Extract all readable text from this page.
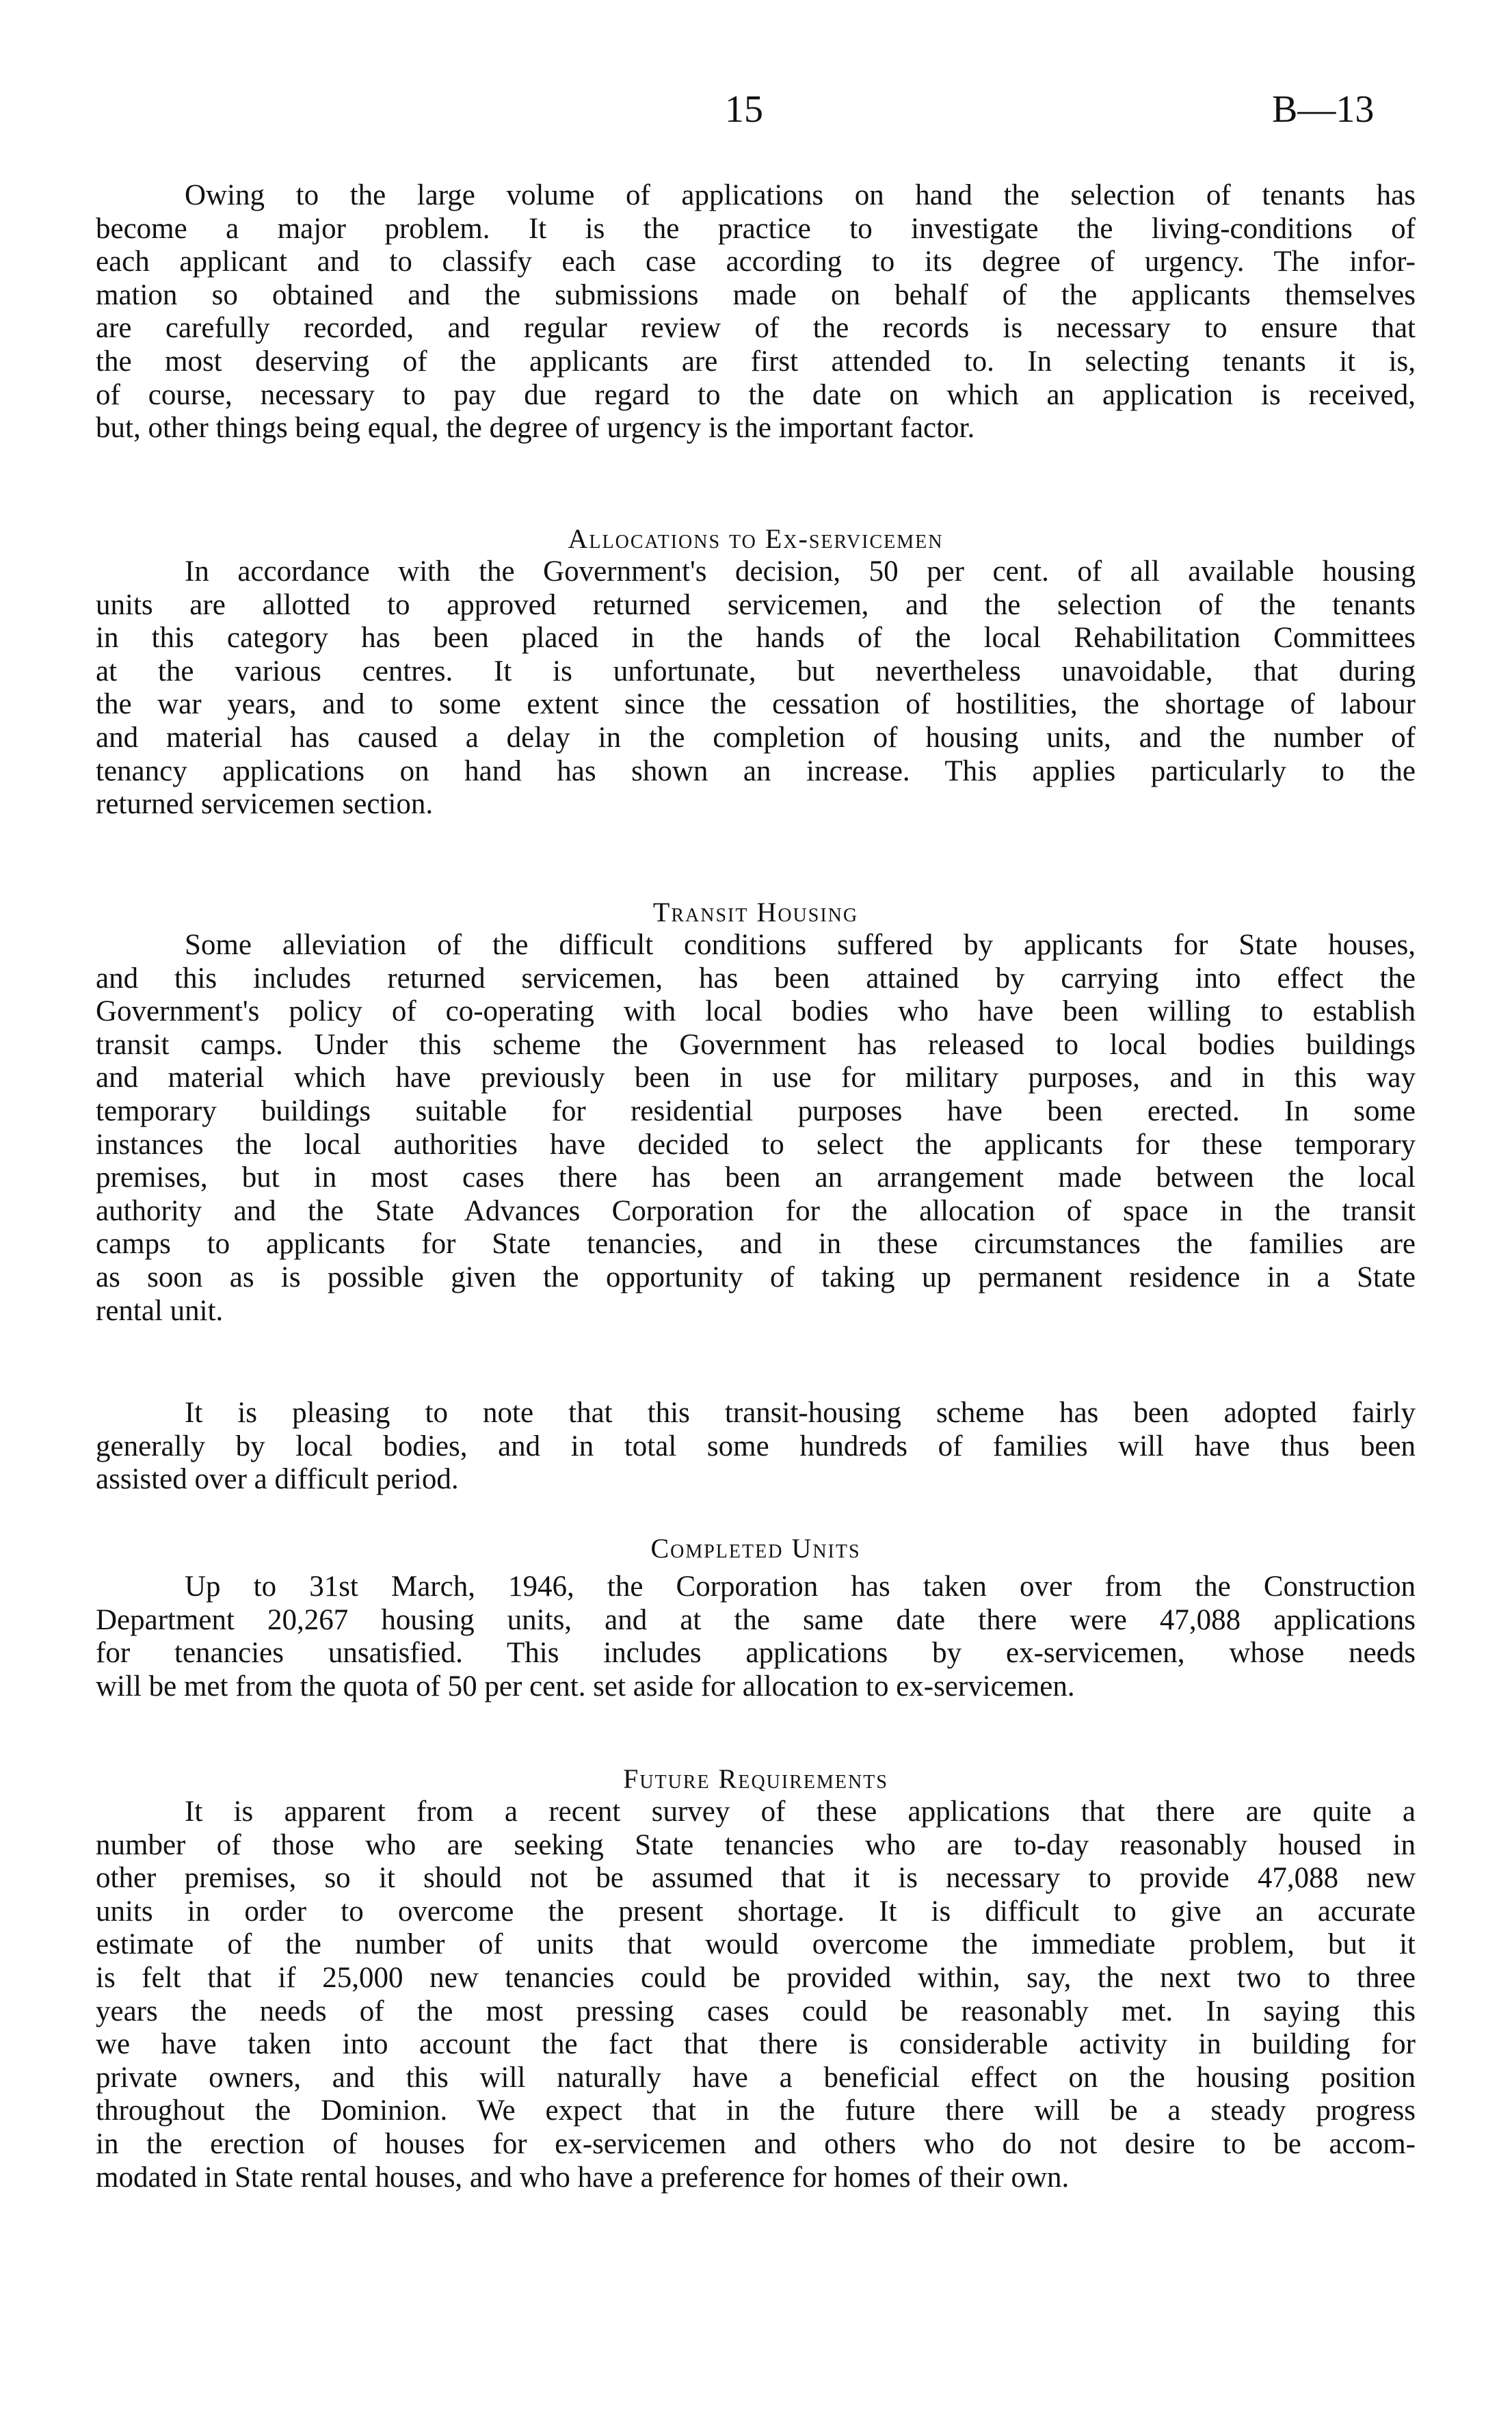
15	B—13
Owing to the large volume of applications on hand the selection of tenants has
become a major problem. It is the practice to investigate the living-conditions of
each applicant and to classify each case according to its degree of urgency. The infor-
mation so obtained and the submissions made on behalf of the applicants themselves
are carefully recorded, and regular review of the records is necessary to ensure that
the most deserving of the applicants are first attended to. In selecting tenants it is,
of course, necessary to pay due regard to the date on which an application is received,
but, other things being equal, the degree of urgency is the important factor.
Allocations to Ex-servicemen
In accordance with the Government's decision, 50 per cent. of all available housing
units are allotted to approved returned servicemen, and the selection of the tenants
in this category has been placed in the hands of the local Rehabilitation Committees
at the various centres. It is unfortunate, but nevertheless unavoidable, that during
the war years, and to some extent since the cessation of hostilities, the shortage of labour
and material has caused a delay in the completion of housing units, and the number of
tenancy applications on hand has shown an increase. This applies particularly to the
returned servicemen section.
Transit Housing
Some alleviation of the difficult conditions suffered by applicants for State houses,
and this includes returned servicemen, has been attained by carrying into effect the
Government's policy of co-operating with local bodies who have been willing to establish
transit camps. Under this scheme the Government has released to local bodies buildings
and material which have previously been in use for military purposes, and in this way
temporary buildings suitable for residential purposes have been erected. In some
instances the local authorities have decided to select the applicants for these temporary
premises, but in most cases there has been an arrangement made between the local
authority and the State Advances Corporation for the allocation of space in the transit
camps to applicants for State tenancies, and in these circumstances the families are
as soon as is possible given the opportunity of taking up permanent residence in a State
rental unit.
It is pleasing to note that this transit-housing scheme has been adopted fairly
generally by local bodies, and in total some hundreds of families will have thus been
assisted over a difficult period.
Completed Units
Up to 31st March, 1946, the Corporation has taken over from the Construction
Department 20,267 housing units, and at the same date there were 47,088 applications
for tenancies unsatisfied. This includes applications by ex-servicemen, whose needs
will be met from the quota of 50 per cent. set aside for allocation to ex-servicemen.
Future Requirements
It is apparent from a recent survey of these applications that there are quite a
number of those who are seeking State tenancies who are to-day reasonably housed in
other premises, so it should not be assumed that it is necessary to provide 47,088 new
units in order to overcome the present shortage. It is difficult to give an accurate
estimate of the number of units that would overcome the immediate problem, but it
is felt that if 25,000 new tenancies could be provided within, say, the next two to three
years the needs of the most pressing cases could be reasonably met. In saying this
we have taken into account the fact that there is considerable activity in building for
private owners, and this will naturally have a beneficial effect on the housing position
throughout the Dominion. We expect that in the future there will be a steady progress
in the erection of houses for ex-servicemen and others who do not desire to be accom-
modated in State rental houses, and who have a preference for homes of their own.
